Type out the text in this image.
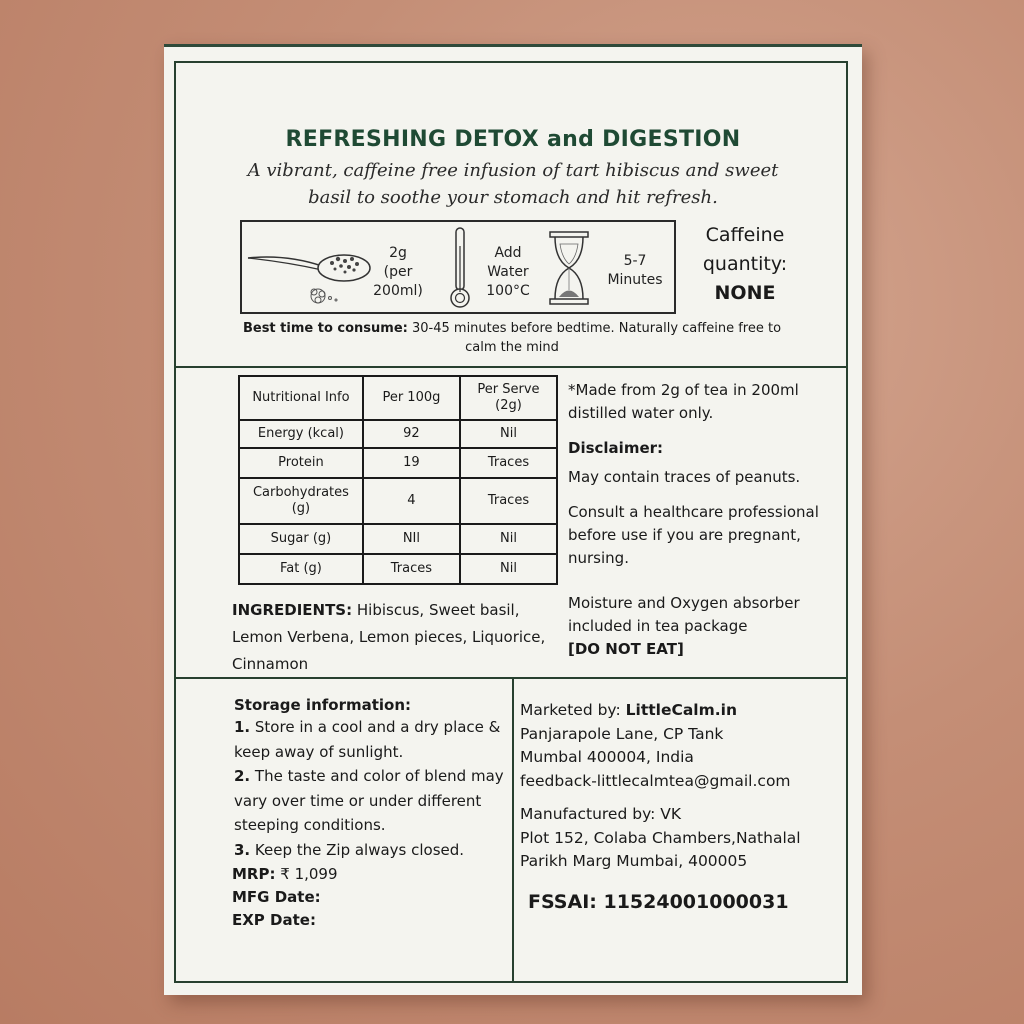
REFRESHING DETOX and DIGESTION
A vibrant, caffeine free infusion of tart hibiscus and sweet basil to soothe your stomach and hit refresh.
2g
(per
200ml)
Add
Water
100°C
5-7
Minutes
Caffeine
quantity:
NONE
Best time to consume: 30-45 minutes before bedtime. Naturally caffeine free to calm the mind
Nutritional Info	Per 100g	Per Serve (2g)
Energy (kcal)	92	Nil
Protein	19	Traces
Carbohydrates (g)	4	Traces
Sugar (g)	NIl	Nil
Fat (g)	Traces	Nil
INGREDIENTS: Hibiscus, Sweet basil, Lemon Verbena, Lemon pieces, Liquorice, Cinnamon

*Made from 2g of tea in 200ml distilled water only.

Disclaimer:

May contain traces of peanuts.

Consult a healthcare professional before use if you are pregnant, nursing.

Moisture and Oxygen absorber included in tea package

[DO NOT EAT]

Storage information:

1. Store in a cool and a dry place & keep away of sunlight.

2. The taste and color of blend may vary over time or under different steeping conditions.

3. Keep the Zip always closed.

MRP: ₹ 1,099
MFG Date:
EXP Date:

Marketed by: LittleCalm.in

Panjarapole Lane, CP Tank

Mumbal 400004, India

feedback-littlecalmtea@gmail.com

Manufactured by: VK

Plot 152, Colaba Chambers,Nathalal

Parikh Marg Mumbai, 400005

FSSAI: 11524001000031
